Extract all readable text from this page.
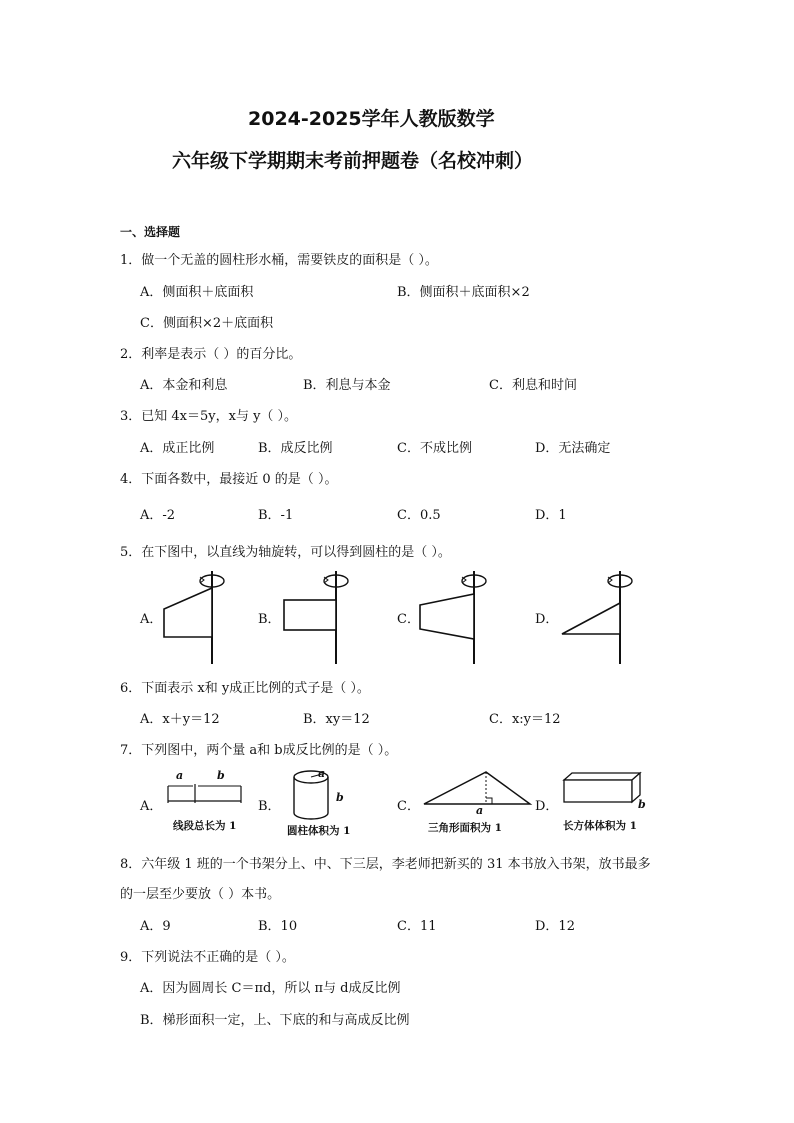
2024-2025学年人教版数学
六年级下学期期末考前押题卷（名校冲刺）
一、选择题
1．做一个无盖的圆柱形水桶，需要铁皮的面积是（ ）。
A．侧面积＋底面积	B．侧面积＋底面积×2
C．侧面积×2＋底面积
2．利率是表示（ ）的百分比。
A．本金和利息	B．利息与本金	C．利息和时间
3．已知 4x＝5y，x与 y（ ）。
A．成正比例	B．成反比例	C．不成比例	D．无法确定
4．下面各数中，最接近 0 的是（ ）。
A．-2	B．-1	C．0.5	D．1
5．在下图中，以直线为轴旋转，可以得到圆柱的是（ ）。
A．	B．	C．	D．
6．下面表示 x和 y成正比例的式子是（ ）。
A．x＋y＝12	B．xy＝12	C．x:y＝12
7．下列图中，两个量 a和 b成反比例的是（ ）。
A．	B．	C．	D．
a	b
线段总长为 1
a
b
圆柱体积为 1
a
三角形面积为 1
b
长方体体积为 1
8．六年级 1 班的一个书架分上、中、下三层，李老师把新买的 31 本书放入书架，放书最多
的一层至少要放（ ）本书。
A．9	B．10	C．11	D．12
9．下列说法不正确的是（ ）。
A．因为圆周长 C＝πd，所以 π与 d成反比例
B．梯形面积一定，上、下底的和与高成反比例
